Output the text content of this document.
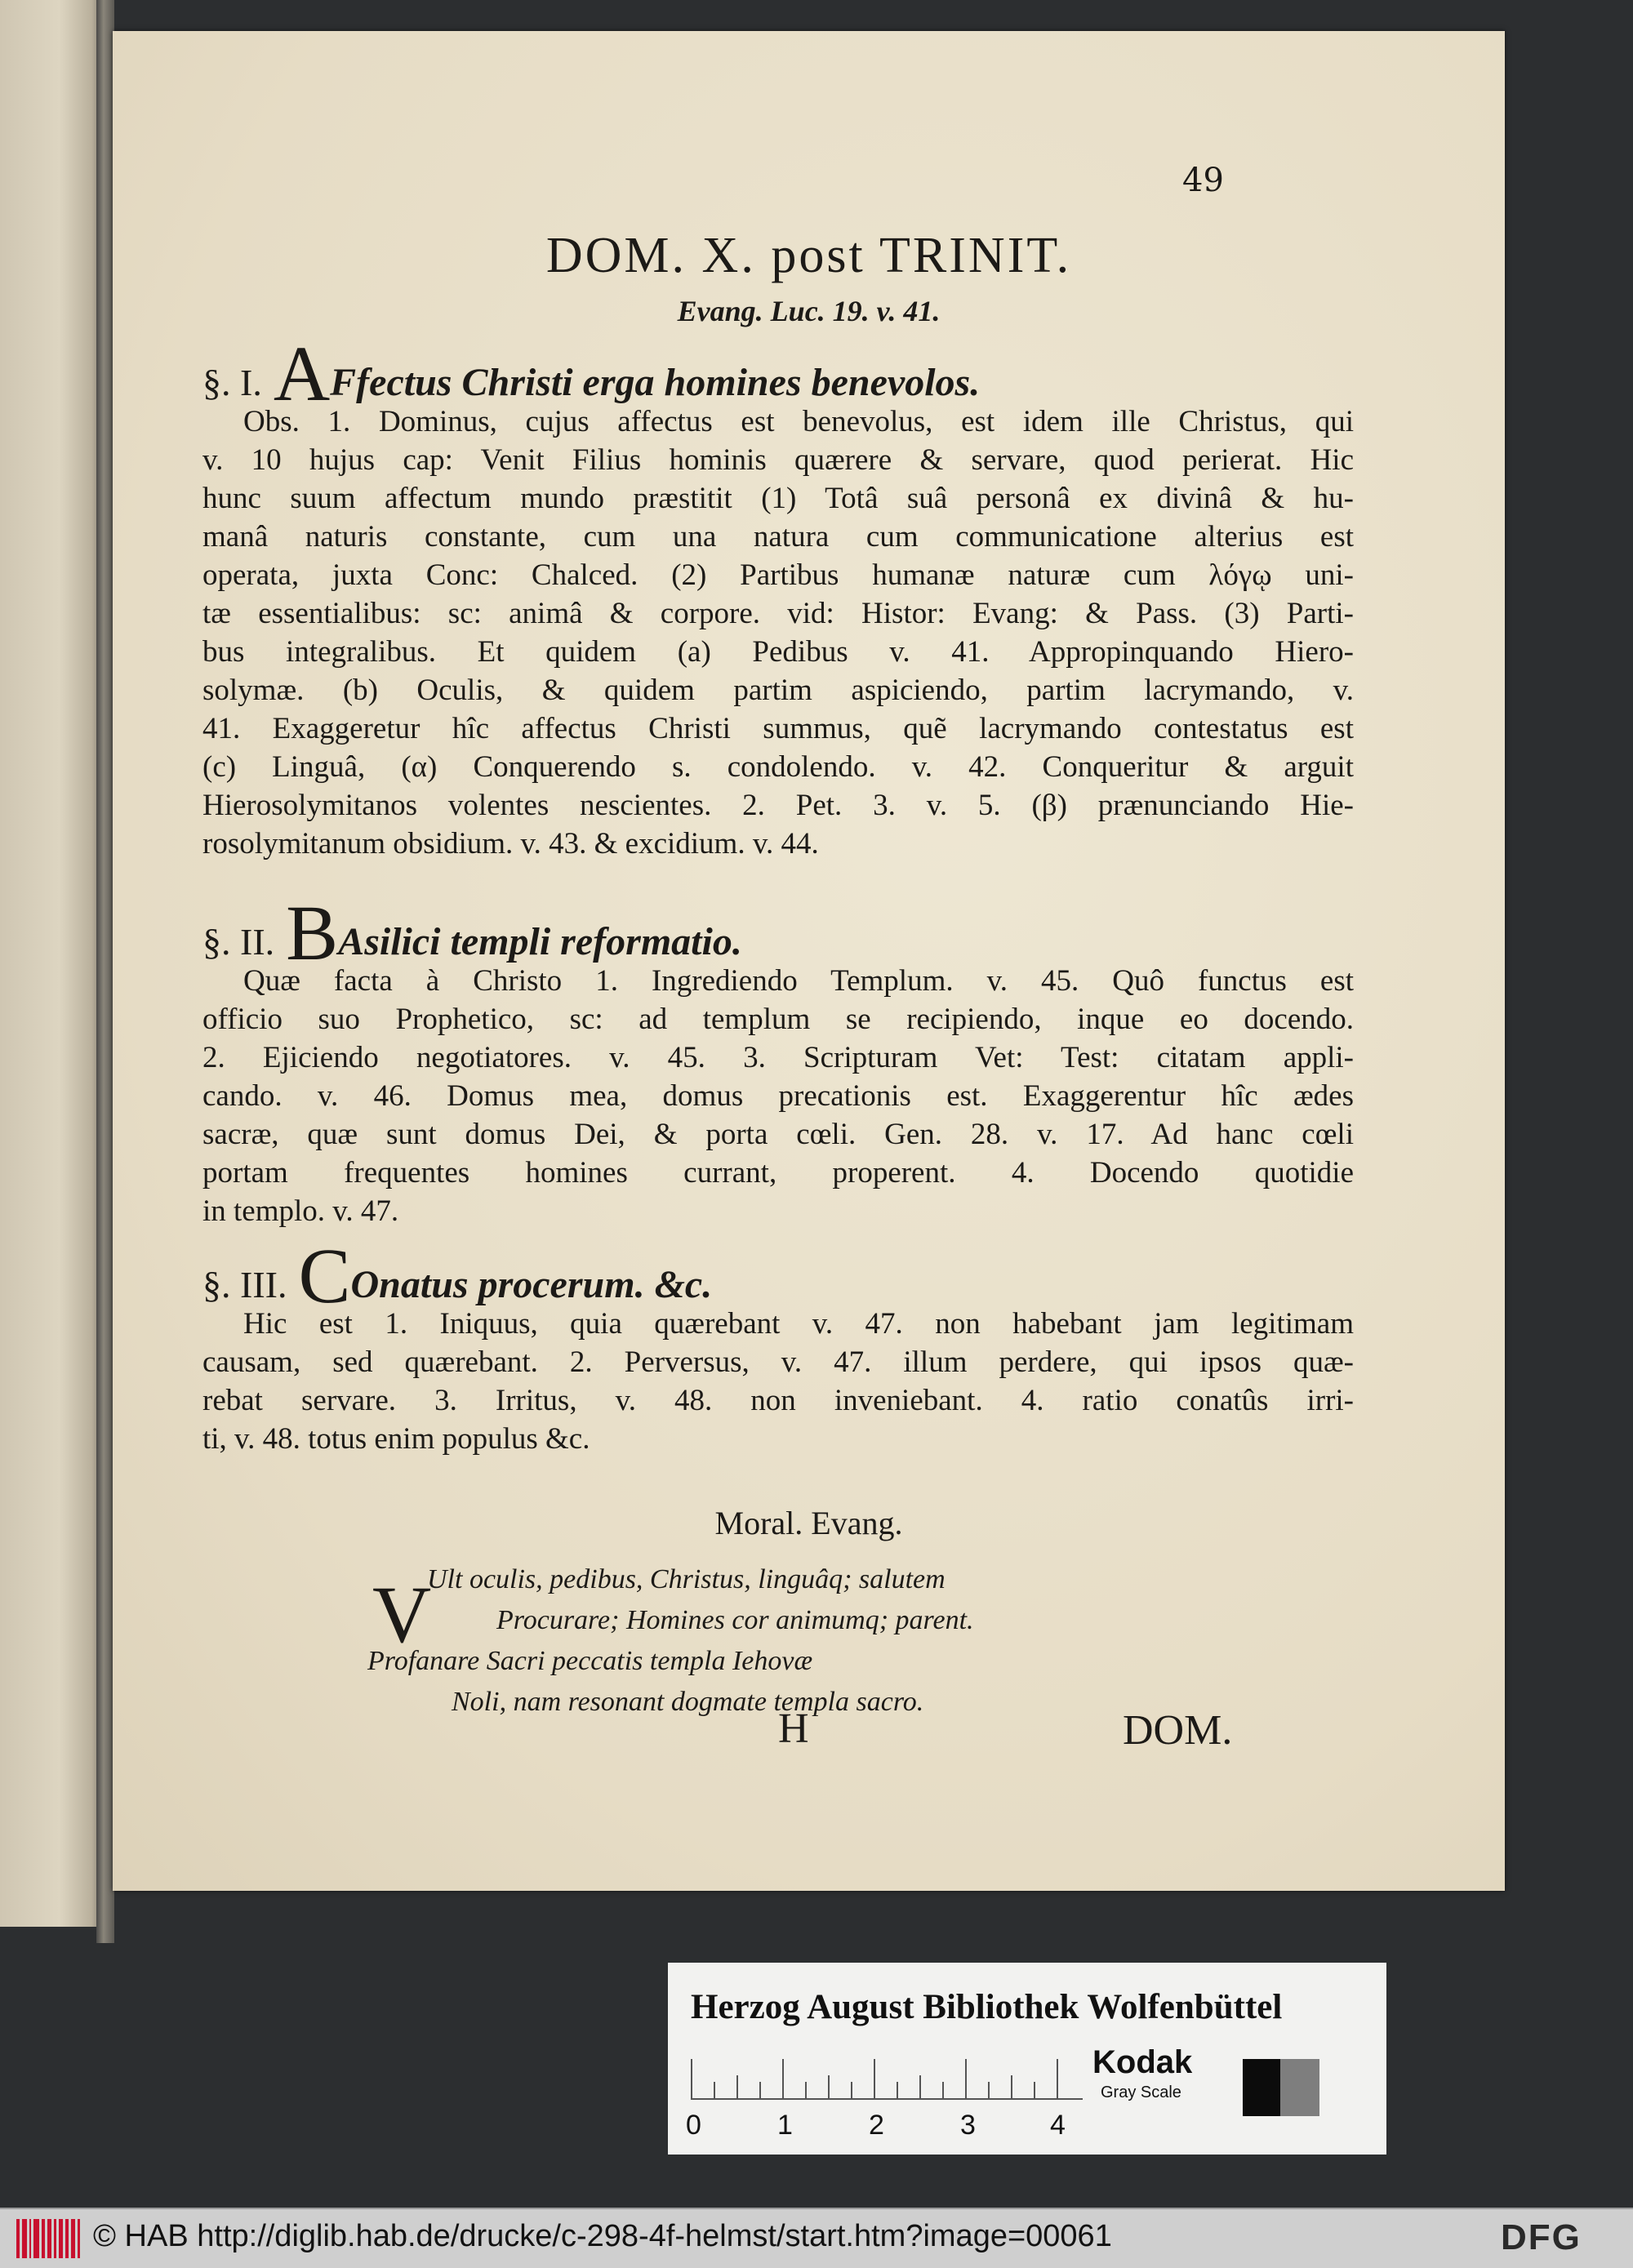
49
DOM. X. post TRINIT.
Evang. Luc. 19. v. 41.
§. I. AFfectus Christi erga homines benevolos.
Obs. 1. Dominus, cujus affectus est benevolus, est idem ille Christus, qui
v. 10 hujus cap: Venit Filius hominis quærere & servare, quod perierat. Hic
hunc suum affectum mundo præstitit (1) Totâ suâ personâ ex divinâ & hu-
manâ naturis constante, cum una natura cum communicatione alterius est
operata, juxta Conc: Chalced. (2) Partibus humanæ naturæ cum λόγῳ uni-
tæ essentialibus: sc: animâ & corpore. vid: Histor: Evang: & Pass. (3) Parti-
bus integralibus. Et quidem (a) Pedibus v. 41. Appropinquando Hiero-
solymæ. (b) Oculis, & quidem partim aspiciendo, partim lacrymando, v.
41. Exaggeretur hîc affectus Christi summus, quẽ lacrymando contestatus est
(c) Linguâ, (α) Conquerendo s. condolendo. v. 42. Conqueritur & arguit
Hierosolymitanos volentes nescientes. 2. Pet. 3. v. 5. (β) prænunciando Hie-
rosolymitanum obsidium. v. 43. & excidium. v. 44.
§. II. BAsilici templi reformatio.
Quæ facta à Christo 1. Ingrediendo Templum. v. 45. Quô functus est
officio suo Prophetico, sc: ad templum se recipiendo, inque eo docendo.
2. Ejiciendo negotiatores. v. 45. 3. Scripturam Vet: Test: citatam appli-
cando. v. 46. Domus mea, domus precationis est. Exaggerentur hîc ædes
sacræ, quæ sunt domus Dei, & porta cœli. Gen. 28. v. 17. Ad hanc cœli
portam frequentes homines currant, properent. 4. Docendo quotidie
in templo. v. 47.
§. III. COnatus procerum. &c.
Hic est 1. Iniquus, quia quærebant v. 47. non habebant jam legitimam
causam, sed quærebant. 2. Perversus, v. 47. illum perdere, qui ipsos quæ-
rebat servare. 3. Irritus, v. 48. non inveniebant. 4. ratio conatûs irri-
ti, v. 48. totus enim populus &c.
Moral. Evang.
V
Ult oculis, pedibus, Christus, linguâq; salutem
Procurare; Homines cor animumq; parent.
Profanare Sacri peccatis templa Iehovæ
Noli, nam resonant dogmate templa sacro.
H	DOM.
Herzog August Bibliothek Wolfenbüttel
0	1	2	3	4
Kodak
Gray Scale
© HAB http://diglib.hab.de/drucke/c-298-4f-helmst/start.htm?image=00061	DFG
